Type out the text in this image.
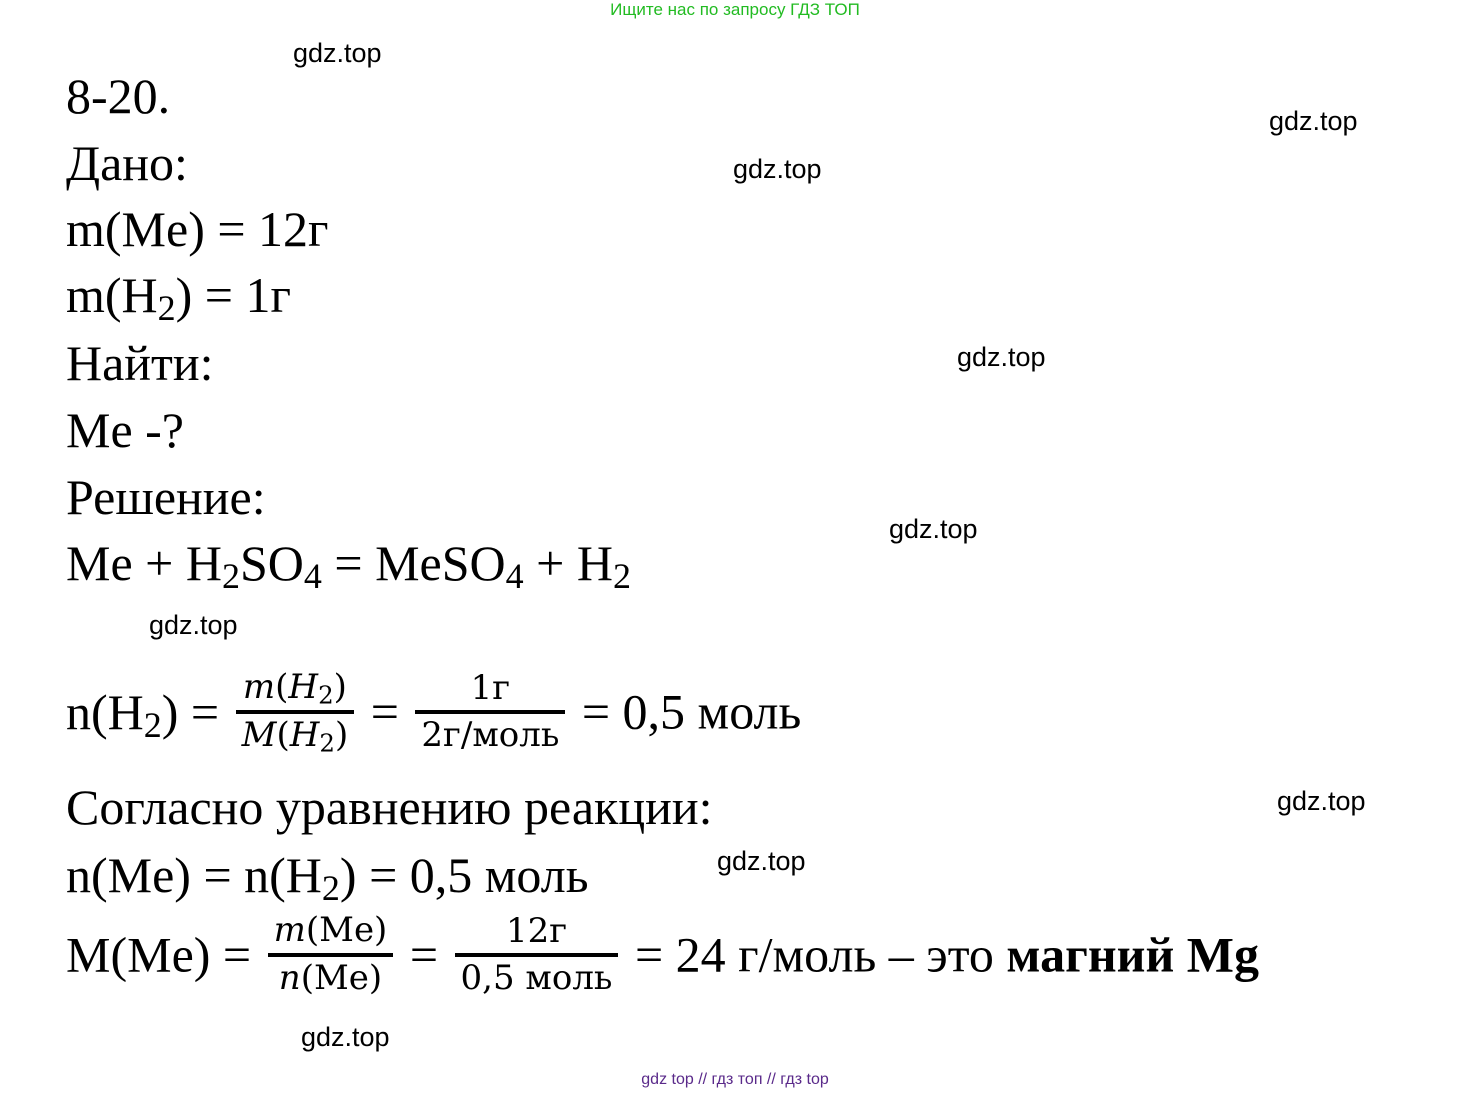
Ищите нас по запросу ГДЗ ТОП
gdz.top
gdz.top
gdz.top
gdz.top
gdz.top
gdz.top
gdz.top
gdz.top
gdz.top
8-20.
Дано:
m(Me) = 12г
$m(H_2) = 1г$
Найти:
Me -?
Решение:
$Me + H_2SO_4$ = MeSO$_4$ + $H_2$
$n(H_2) = \frac{m(H_2)}{M(H_2)} = \frac{1г}{\text{2г/моль}} = 0,5$ моль
Согласно уравнению реакции:
$n(Me) = n(H_2) = 0,5$ моль
$M(Me) = \frac{m(Me)}{n(Me)} = \frac{12г}{\text{0,5 моль}} = 24$ г/моль – это магний Mg
gdz top // гдз топ // гдз top
